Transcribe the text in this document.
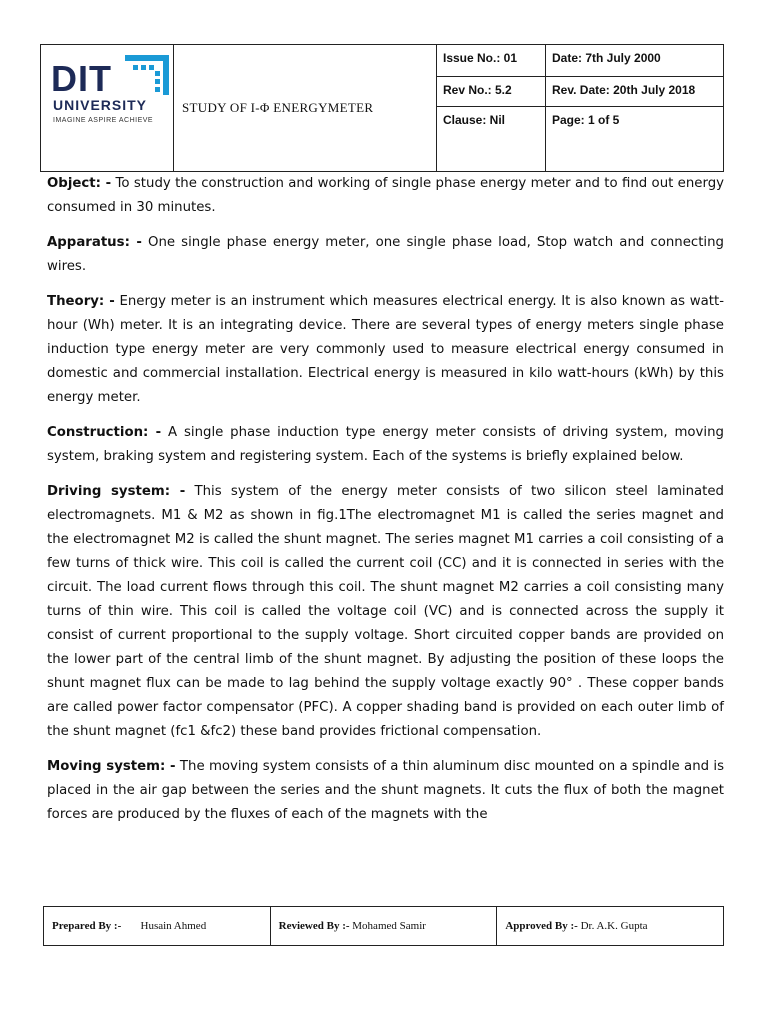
DIT
UNIVERSITY
IMAGINE ASPIRE ACHIEVE	STUDY OF I-Φ ENERGYMETER	Issue No.: 01	Date: 7th July 2000
		Rev No.: 5.2	Rev. Date: 20th July 2018
		Clause: Nil	Page: 1 of 5

Object: - To study the construction and working of single phase energy meter and to find out energy consumed in 30 minutes.

Apparatus: - One single phase energy meter, one single phase load, Stop watch and connecting wires.

Theory: - Energy meter is an instrument which measures electrical energy. It is also known as watt-hour (Wh) meter. It is an integrating device. There are several types of energy meters single phase induction type energy meter are very commonly used to measure electrical energy consumed in domestic and commercial installation. Electrical energy is measured in kilo watt-hours (kWh) by this energy meter.

Construction: - A single phase induction type energy meter consists of driving system, moving system, braking system and registering system. Each of the systems is briefly explained below.

Driving system: - This system of the energy meter consists of two silicon steel laminated electromagnets. M1 & M2 as shown in fig.1The electromagnet M1 is called the series magnet and the electromagnet M2 is called the shunt magnet. The series magnet M1 carries a coil consisting of a few turns of thick wire. This coil is called the current coil (CC) and it is connected in series with the circuit. The load current flows through this coil. The shunt magnet M2 carries a coil consisting many turns of thin wire. This coil is called the voltage coil (VC) and is connected across the supply it consist of current proportional to the supply voltage. Short circuited copper bands are provided on the lower part of the central limb of the shunt magnet. By adjusting the position of these loops the shunt magnet flux can be made to lag behind the supply voltage exactly 90° . These copper bands are called power factor compensator (PFC). A copper shading band is provided on each outer limb of the shunt magnet (fc1 &fc2) these band provides frictional compensation.

Moving system: - The moving system consists of a thin aluminum disc mounted on a spindle and is placed in the air gap between the series and the shunt magnets. It cuts the flux of both the magnet forces are produced by the fluxes of each of the magnets with the

Prepared By :- Husain Ahmed	Reviewed By :- Mohamed Samir	Approved By :- Dr. A.K. Gupta
